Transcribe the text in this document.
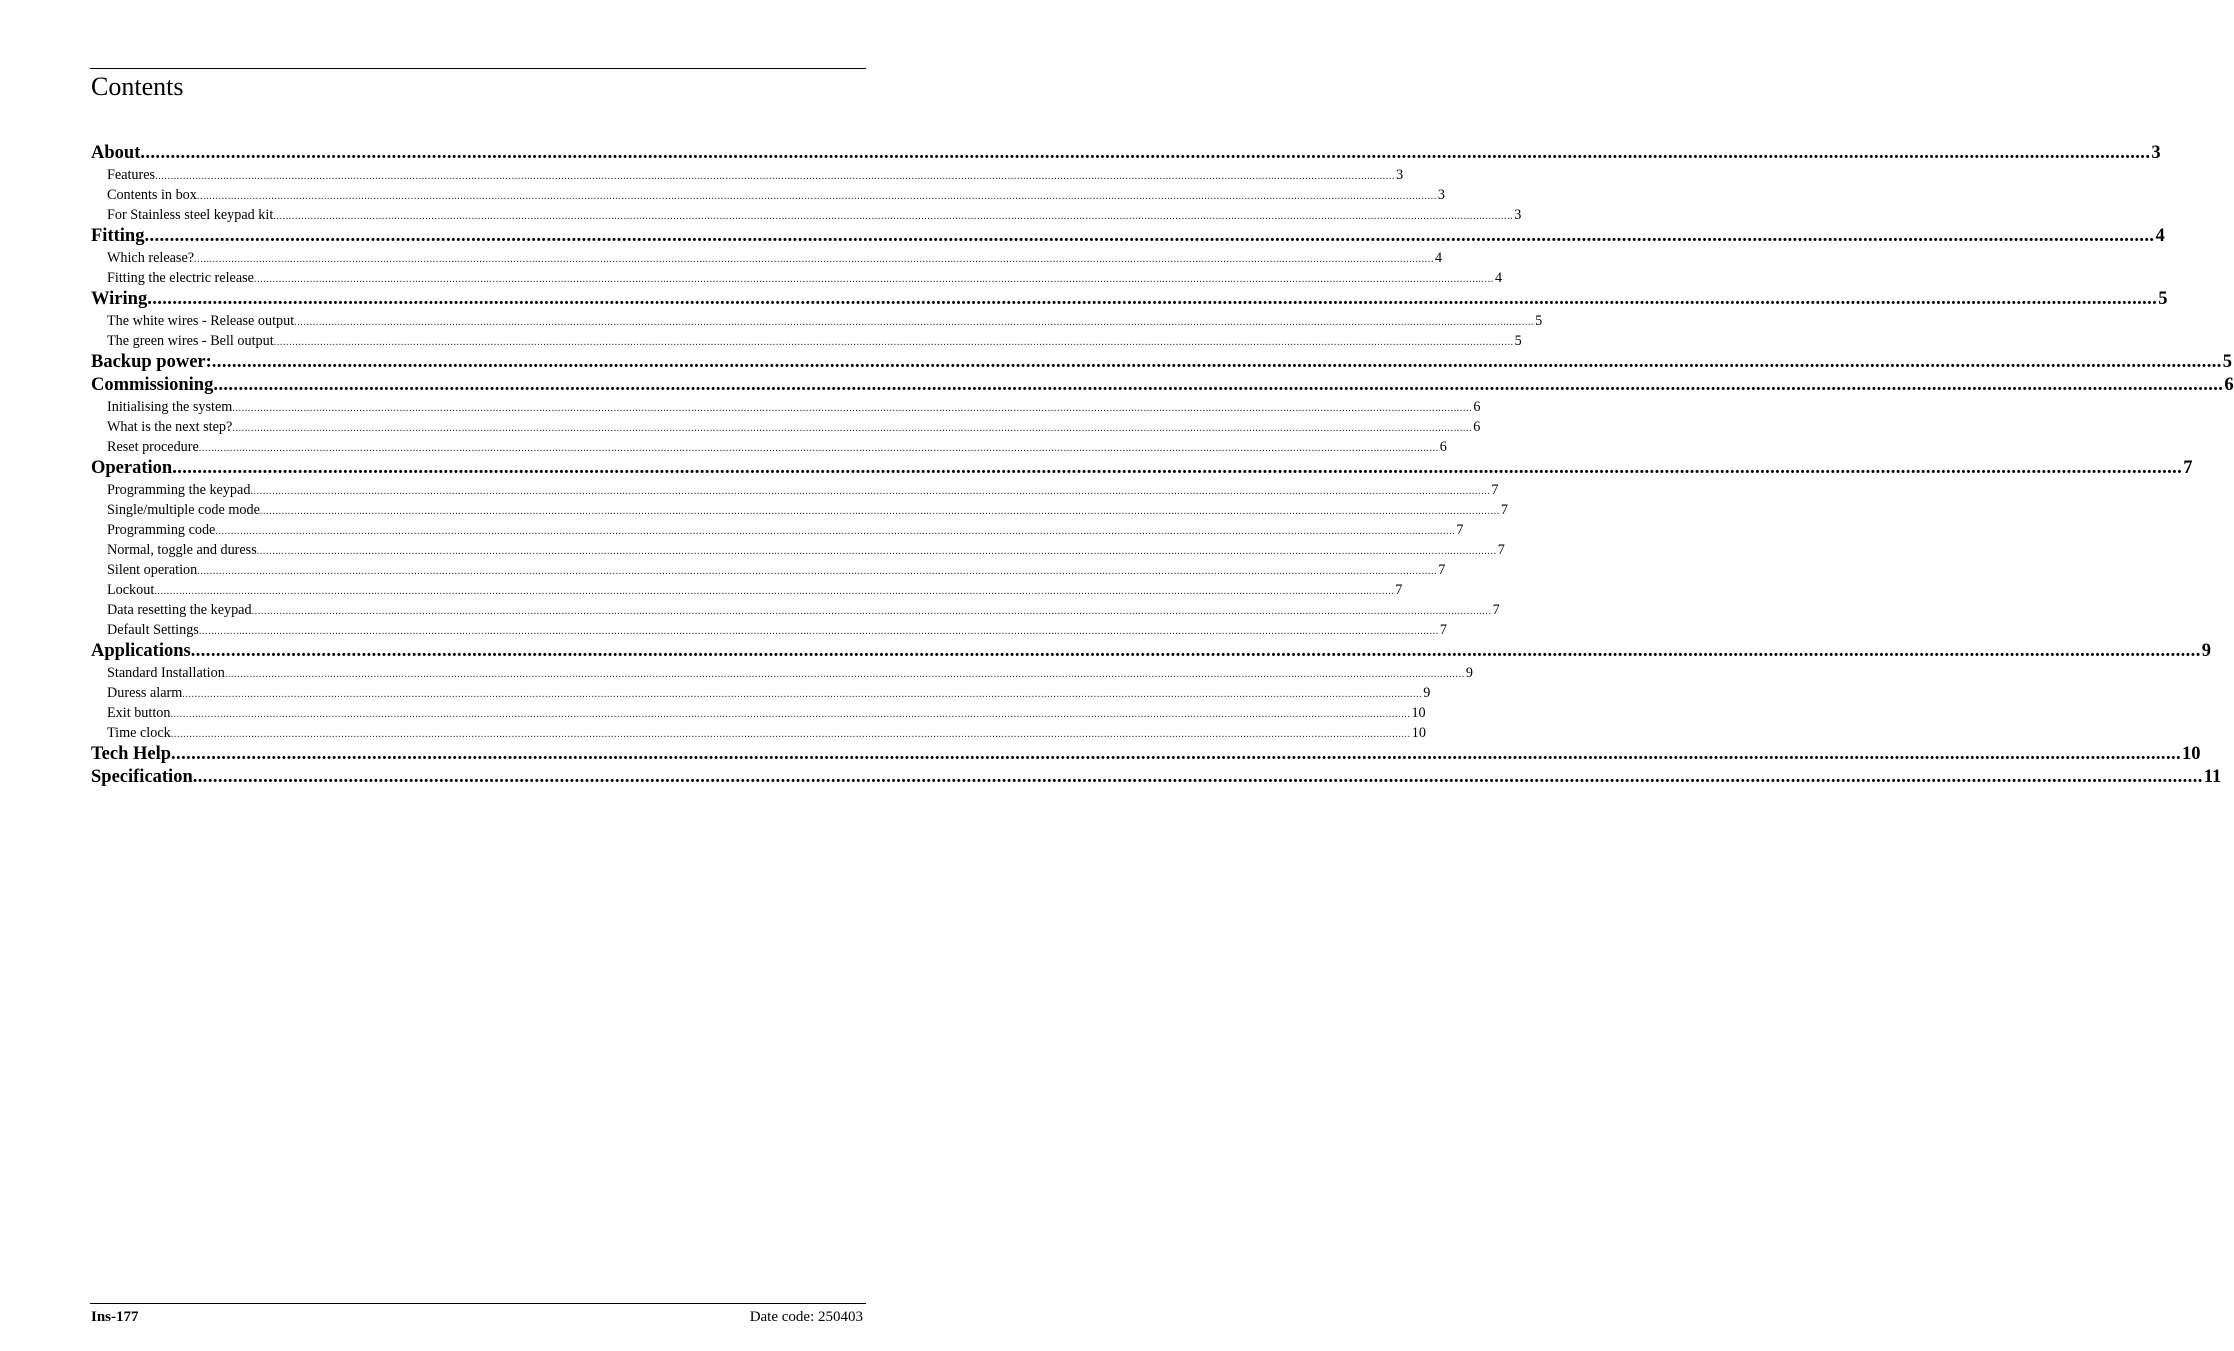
Contents
About ................................................................................................................................................................................................................................................................................................................................................................................................................ 3
Features ................................................................................................................................................................................................................................................................................................................................................................................................................ 3
Contents in box ................................................................................................................................................................................................................................................................................................................................................................................................................ 3
For Stainless steel keypad kit ................................................................................................................................................................................................................................................................................................................................................................................................................ 3
Fitting ................................................................................................................................................................................................................................................................................................................................................................................................................ 4
Which release? ................................................................................................................................................................................................................................................................................................................................................................................................................ 4
Fitting the electric release ................................................................................................................................................................................................................................................................................................................................................................................................................ 4
Wiring ................................................................................................................................................................................................................................................................................................................................................................................................................ 5
The white wires - Release output ................................................................................................................................................................................................................................................................................................................................................................................................................ 5
The green wires - Bell output ................................................................................................................................................................................................................................................................................................................................................................................................................ 5
Backup power: ................................................................................................................................................................................................................................................................................................................................................................................................................ 5
Commissioning ................................................................................................................................................................................................................................................................................................................................................................................................................ 6
Initialising the system ................................................................................................................................................................................................................................................................................................................................................................................................................ 6
What is the next step? ................................................................................................................................................................................................................................................................................................................................................................................................................ 6
Reset procedure ................................................................................................................................................................................................................................................................................................................................................................................................................ 6
Operation ................................................................................................................................................................................................................................................................................................................................................................................................................ 7
Programming the keypad ................................................................................................................................................................................................................................................................................................................................................................................................................ 7
Single/multiple code mode ................................................................................................................................................................................................................................................................................................................................................................................................................ 7
Programming code ................................................................................................................................................................................................................................................................................................................................................................................................................ 7
Normal, toggle and duress ................................................................................................................................................................................................................................................................................................................................................................................................................ 7
Silent operation ................................................................................................................................................................................................................................................................................................................................................................................................................ 7
Lockout ................................................................................................................................................................................................................................................................................................................................................................................................................ 7
Data resetting the keypad ................................................................................................................................................................................................................................................................................................................................................................................................................ 7
Default Settings ................................................................................................................................................................................................................................................................................................................................................................................................................ 7
Applications ................................................................................................................................................................................................................................................................................................................................................................................................................ 9
Standard Installation ................................................................................................................................................................................................................................................................................................................................................................................................................ 9
Duress alarm ................................................................................................................................................................................................................................................................................................................................................................................................................ 9
Exit button ................................................................................................................................................................................................................................................................................................................................................................................................................ 10
Time clock ................................................................................................................................................................................................................................................................................................................................................................................................................ 10
Tech Help ................................................................................................................................................................................................................................................................................................................................................................................................................ 10
Specification ................................................................................................................................................................................................................................................................................................................................................................................................................ 11
Ins-177	Date code: 250403
